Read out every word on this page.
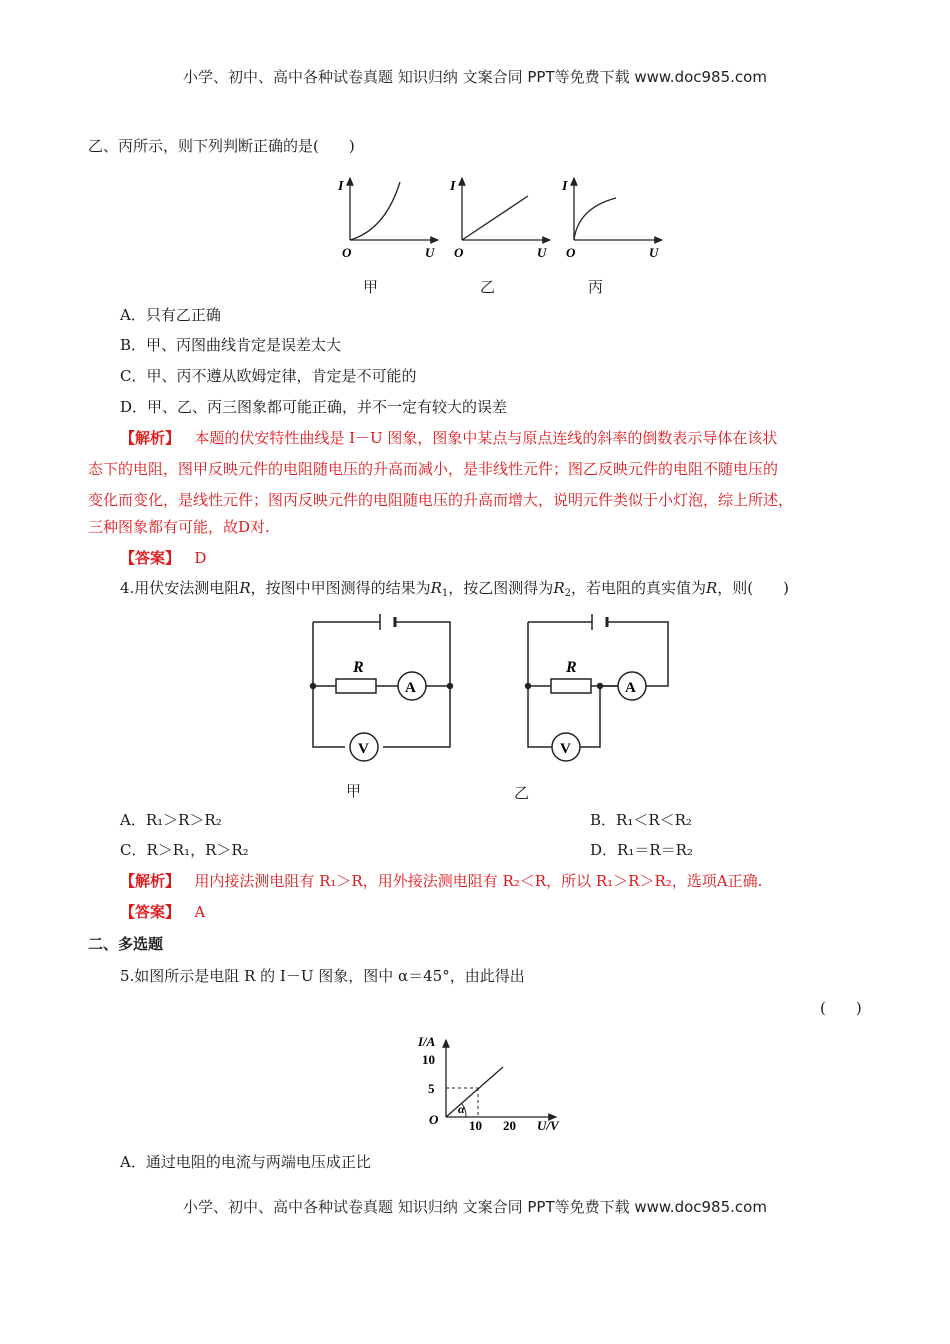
小学、初中、高中各种试卷真题 知识归纳 文案合同 PPT等免费下载 www.doc985.com
小学、初中、高中各种试卷真题 知识归纳 文案合同 PPT等免费下载 www.doc985.com
乙、丙所示，则下列判断正确的是(　　)
I
O	U
I
O	U
I
O	U
甲	乙	丙
A．只有乙正确
B．甲、丙图曲线肯定是误差太大
C．甲、丙不遵从欧姆定律，肯定是不可能的
D．甲、乙、丙三图象都可能正确，并不一定有较大的误差
【解析】 本题的伏安特性曲线是 I－U 图象，图象中某点与原点连线的斜率的倒数表示导体在该状
态下的电阻，图甲反映元件的电阻随电压的升高而减小，是非线性元件；图乙反映元件的电阻不随电压的
变化而变化，是线性元件；图丙反映元件的电阻随电压的升高而增大，说明元件类似于小灯泡，综上所述，
三种图象都有可能，故D对.
【答案】 D
4.用伏安法测电阻R，按图中甲图测得的结果为$R_1$，按乙图测得为$R_2$，若电阻的真实值为R，则(　　)
R
A
V
R
A
V
甲	乙
A．R₁＞R＞R₂	B．R₁＜R＜R₂
C．R＞R₁，R＞R₂	D．R₁＝R＝R₂
【解析】 用内接法测电阻有 R₁＞R，用外接法测电阻有 R₂＜R，所以 R₁＞R＞R₂，选项A正确.
【答案】 A
二、多选题
5.如图所示是电阻 R 的 I－U 图象，图中 α＝45°，由此得出
(　　)
I/A
10
5
O 10 20 U/V
α
A．通过电阻的电流与两端电压成正比
